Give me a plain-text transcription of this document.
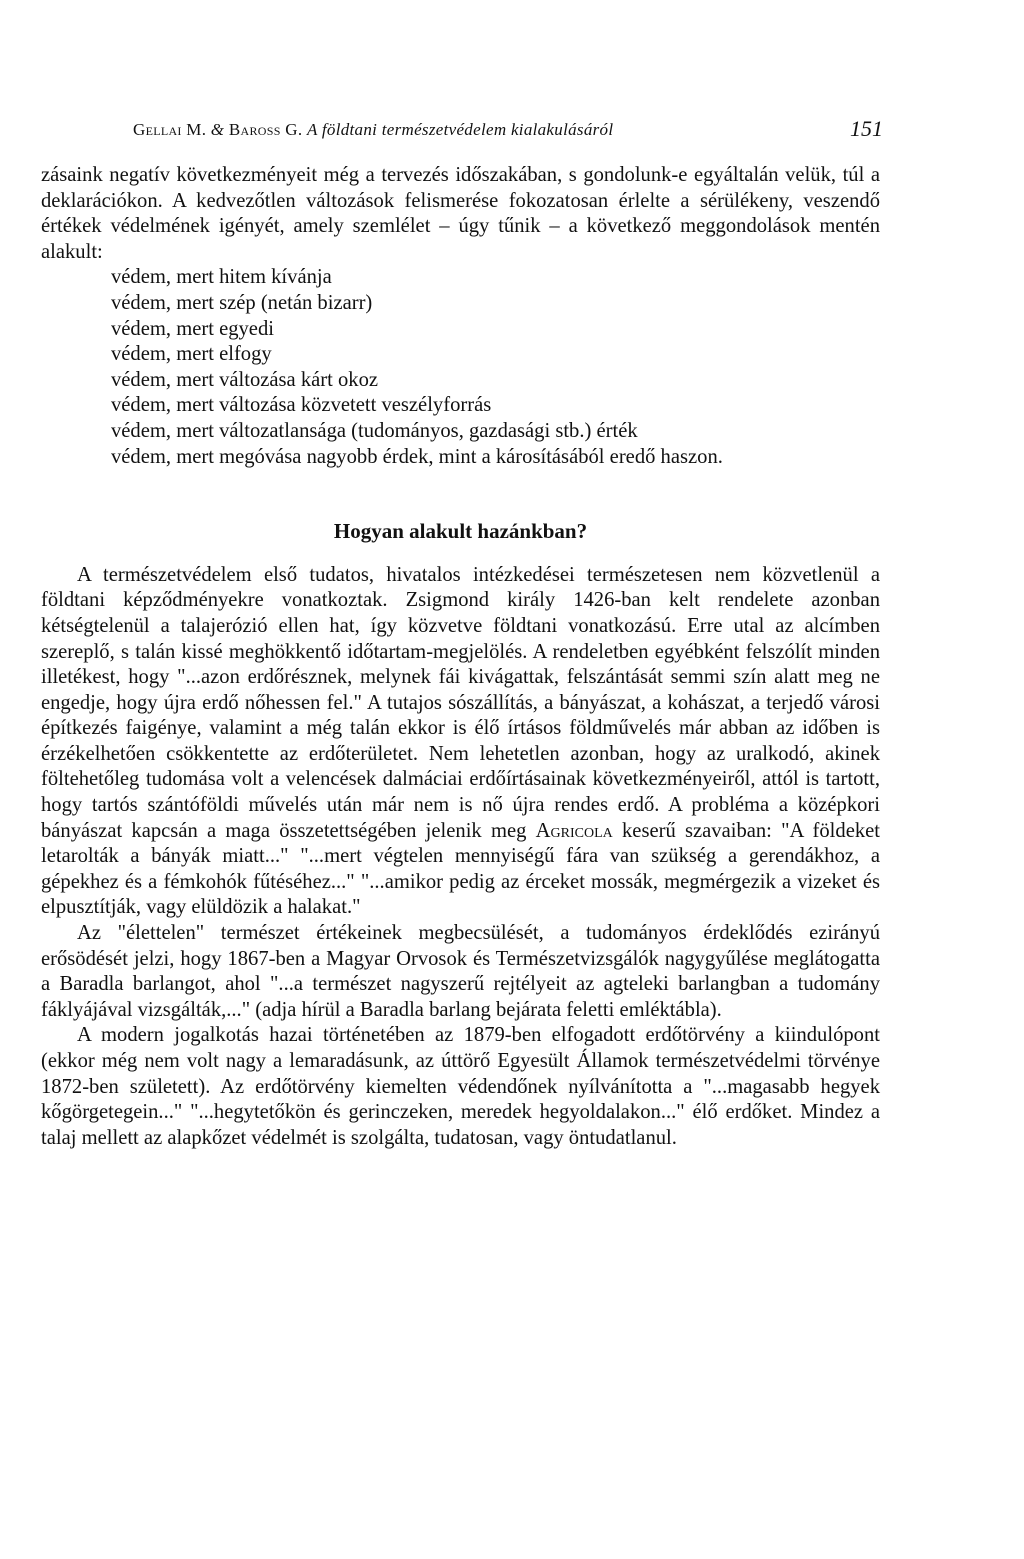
Gellai M. & Baross G. A földtani természetvédelem kialakulásáról	151

zásaink negatív következményeit még a tervezés időszakában, s gondolunk-e egyáltalán velük, túl a deklarációkon. A kedvezőtlen változások felismerése fokozatosan érlelte a sérülékeny, veszendő értékek védelmének igényét, amely szemlélet – úgy tűnik – a következő meggondolások mentén alakult:

védem, mert hitem kívánja
védem, mert szép (netán bizarr)
védem, mert egyedi
védem, mert elfogy
védem, mert változása kárt okoz
védem, mert változása közvetett veszélyforrás
védem, mert változatlansága (tudományos, gazdasági stb.) érték
védem, mert megóvása nagyobb érdek, mint a károsításából eredő haszon.

Hogyan alakult hazánkban?

A természetvédelem első tudatos, hivatalos intézkedései természetesen nem közvetlenül a földtani képződményekre vonatkoztak. Zsigmond király 1426-ban kelt rendelete azonban kétségtelenül a talajerózió ellen hat, így közvetve földtani vonatkozású. Erre utal az alcímben szereplő, s talán kissé meghökkentő időtartam-megjelölés. A rendeletben egyébként felszólít minden illetékest, hogy "...azon erdőrésznek, melynek fái kivágattak, felszántását semmi szín alatt meg ne engedje, hogy újra erdő nőhessen fel." A tutajos sószállítás, a bányászat, a kohászat, a terjedő városi építkezés faigénye, valamint a még talán ekkor is élő írtásos földművelés már abban az időben is érzékelhetően csökkentette az erdőterületet. Nem lehetetlen azonban, hogy az uralkodó, akinek föltehetőleg tudomása volt a velencések dalmáciai erdőírtásainak következményeiről, attól is tartott, hogy tartós szántóföldi művelés után már nem is nő újra rendes erdő. A probléma a középkori bányászat kapcsán a maga összetettségében jelenik meg Agricola keserű szavaiban: "A földeket letarolták a bányák miatt..." "...mert végtelen mennyiségű fára van szükség a gerendákhoz, a gépekhez és a fémkohók fűtéséhez..." "...amikor pedig az érceket mossák, megmérgezik a vizeket és elpusztítják, vagy elüldözik a halakat."

Az "élettelen" természet értékeinek megbecsülését, a tudományos érdeklődés ezirányú erősödését jelzi, hogy 1867-ben a Magyar Orvosok és Természetvizsgálók nagygyűlése meglátogatta a Baradla barlangot, ahol "...a természet nagyszerű rejtélyeit az agteleki barlangban a tudomány fáklyájával vizsgálták,..." (adja hírül a Baradla barlang bejárata feletti emléktábla).

A modern jogalkotás hazai történetében az 1879-ben elfogadott erdőtörvény a kiindulópont (ekkor még nem volt nagy a lemaradásunk, az úttörő Egyesült Államok természetvédelmi törvénye 1872-ben született). Az erdőtörvény kiemelten védendőnek nyílvánította a "...magasabb hegyek kőgörgetegein..." "...hegytetőkön és gerinczeken, meredek hegyoldalakon..." élő erdőket. Mindez a talaj mellett az alapkőzet védelmét is szolgálta, tudatosan, vagy öntudatlanul.
